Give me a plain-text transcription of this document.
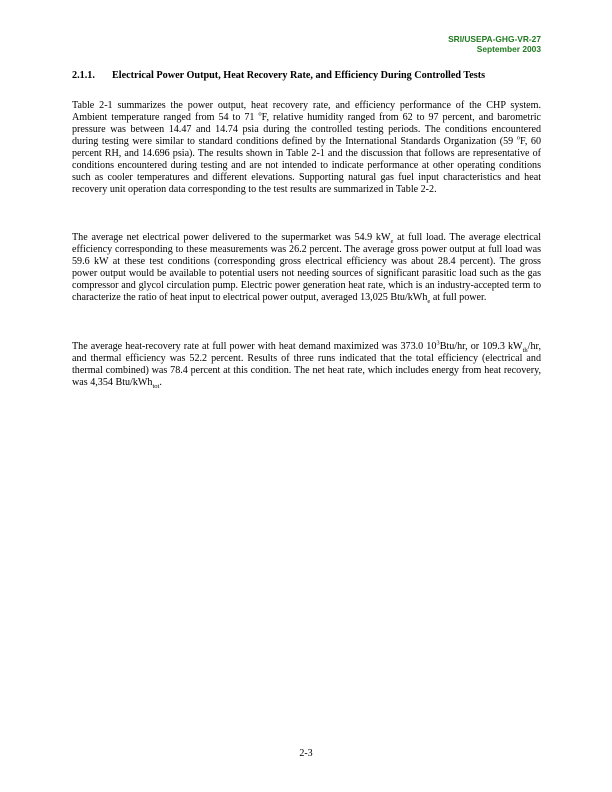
SRI/USEPA-GHG-VR-27
September 2003
2.1.1. Electrical Power Output, Heat Recovery Rate, and Efficiency During Controlled Tests

Table 2-1 summarizes the power output, heat recovery rate, and efficiency performance of the CHP system. Ambient temperature ranged from 54 to 71 $^o$F, relative humidity ranged from 62 to 97 percent, and barometric pressure was between 14.47 and 14.74 psia during the controlled testing periods. The conditions encountered during testing were similar to standard conditions defined by the International Standards Organization (59 $^o$F, 60 percent RH, and 14.696 psia). The results shown in Table 2-1 and the discussion that follows are representative of conditions encountered during testing and are not intended to indicate performance at other operating conditions such as cooler temperatures and different elevations. Supporting natural gas fuel input characteristics and heat recovery unit operation data corresponding to the test results are summarized in Table 2-2.

The average net electrical power delivered to the supermarket was 54.9 $kW_e$ at full load. The average electrical efficiency corresponding to these measurements was 26.2 percent. The average gross power output at full load was 59.6 kW at these test conditions (corresponding gross electrical efficiency was about 28.4 percent). The gross power output would be available to potential users not needing sources of significant parasitic load such as the gas compressor and glycol circulation pump. Electric power generation heat rate, which is an industry-accepted term to characterize the ratio of heat input to electrical power output, averaged 13,025 Btu/kWh$_e$ at full power.

The average heat-recovery rate at full power with heat demand maximized was 373.0 $10^3Btu/hr$, or 109.3 $kW_{th}/hr$, and thermal efficiency was 52.2 percent. Results of three runs indicated that the total efficiency (electrical and thermal combined) was 78.4 percent at this condition. The net heat rate, which includes energy from heat recovery, was 4,354 Btu/kWh$_{tot}$.

2-3
